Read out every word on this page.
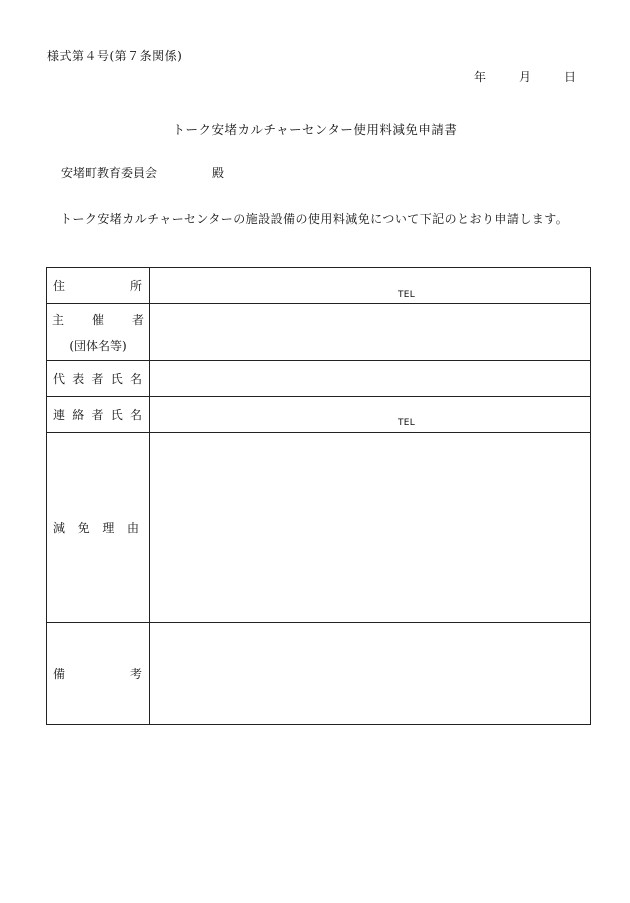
様式第４号(第７条関係)
年	月	日
トーク安堵カルチャーセンター使用料減免申請書
安堵町教育委員会	殿

トーク安堵カルチャーセンターの施設設備の使用料減免について下記のとおり申請します。

住 所	TEL

主 催 者
(団体名等)	

代 表 者 氏 名	

連 絡 者 氏 名	TEL

減 免 理 由	

備 考	
